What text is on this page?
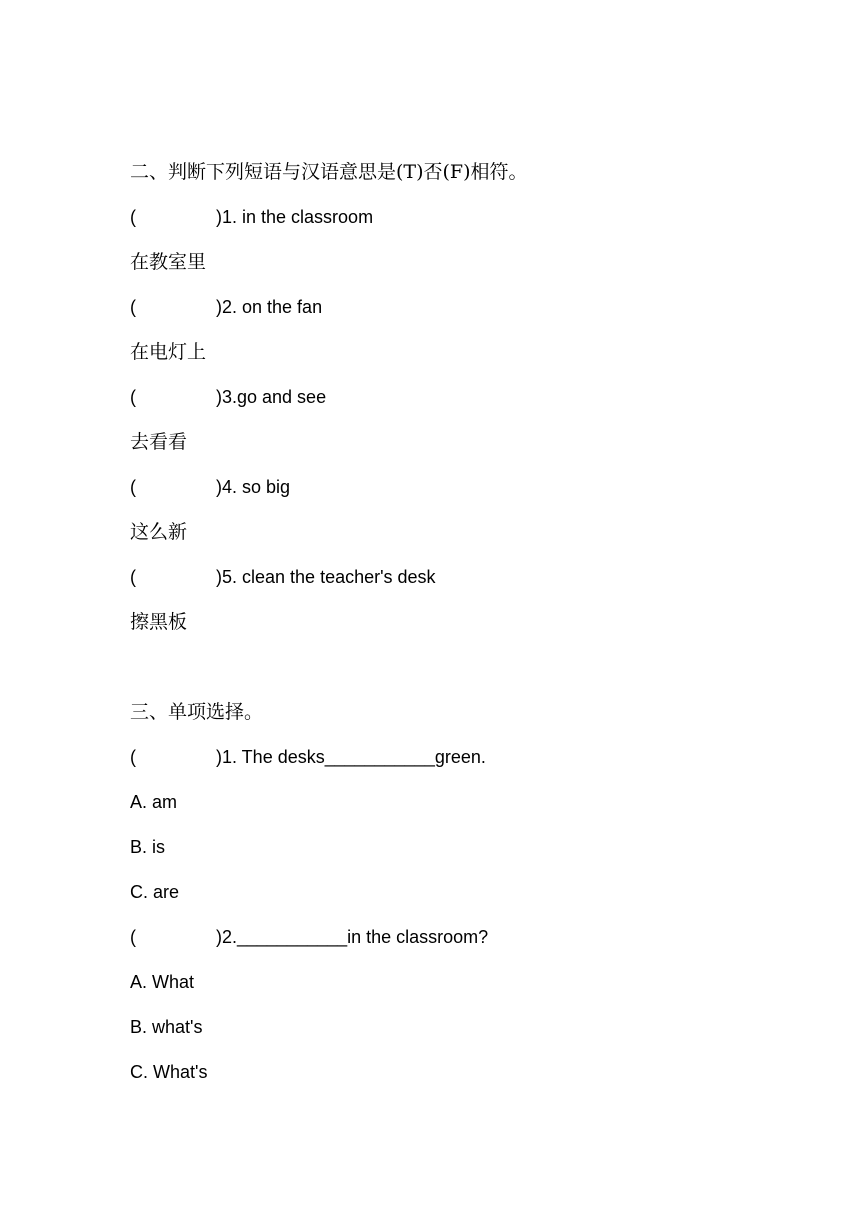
二、判断下列短语与汉语意思是(T)否(F)相符。

(	)1. in the classroom

在教室里

(	)2. on the fan

在电灯上

(	)3.go and see

去看看

(	)4. so big

这么新

(	)5. clean the teacher's desk

擦黑板

三、单项选择。

(	)1. The desks___________green.

A. am

B. is

C. are

(	)2.___________in the classroom?

A. What

B. what's

C. What's
